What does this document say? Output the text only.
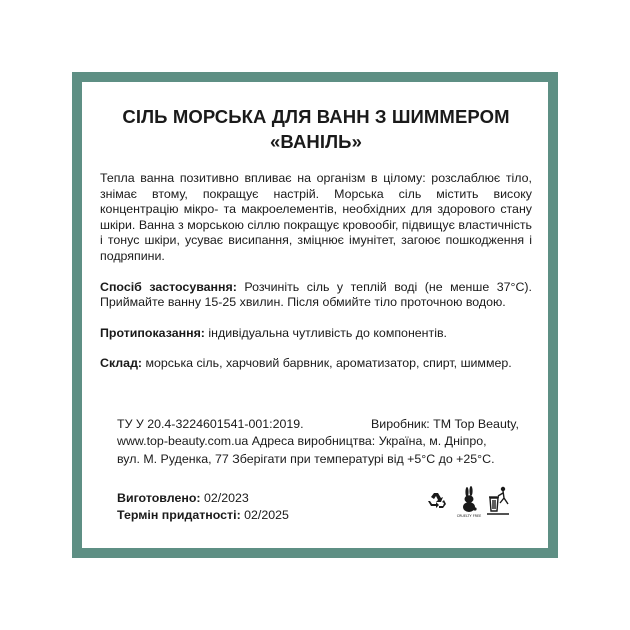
СІЛЬ МОРСЬКА ДЛЯ ВАНН З ШИММЕРОМ
«ВАНІЛЬ»

Тепла ванна позитивно впливає на організм в цілому: розслаблює тіло, знімає втому, покращує настрій. Морська сіль містить високу концентрацію мікро- та макроелементів, необхідних для здорового стану шкіри. Ванна з морською сіллю покращує кровообіг, підвищує властичність і тонус шкіри, усуває висипання, зміцнює імунітет, загоює пошкодження і подряпини.

Спосіб застосування: Розчиніть сіль у теплій воді (не менше 37°С). Приймайте ванну 15-25 хвилин. Після обмийте тіло проточною водою.

Протипоказання: індивідуальна чутливість до компонентів.

Склад: морська сіль, харчовий барвник, ароматизатор, спирт, шиммер.

ТУ У 20.4-3224601541-001:2019.	Виробник: ТМ Top Beauty,
www.top-beauty.com.ua Адреса виробництва: Україна, м. Дніпро,
вул. М. Руденка, 77 Зберігати при температурі від +5°С до +25°С.
Виготовлено: 02/2023
Термін придатності: 02/2025	CRUELTY FREE
